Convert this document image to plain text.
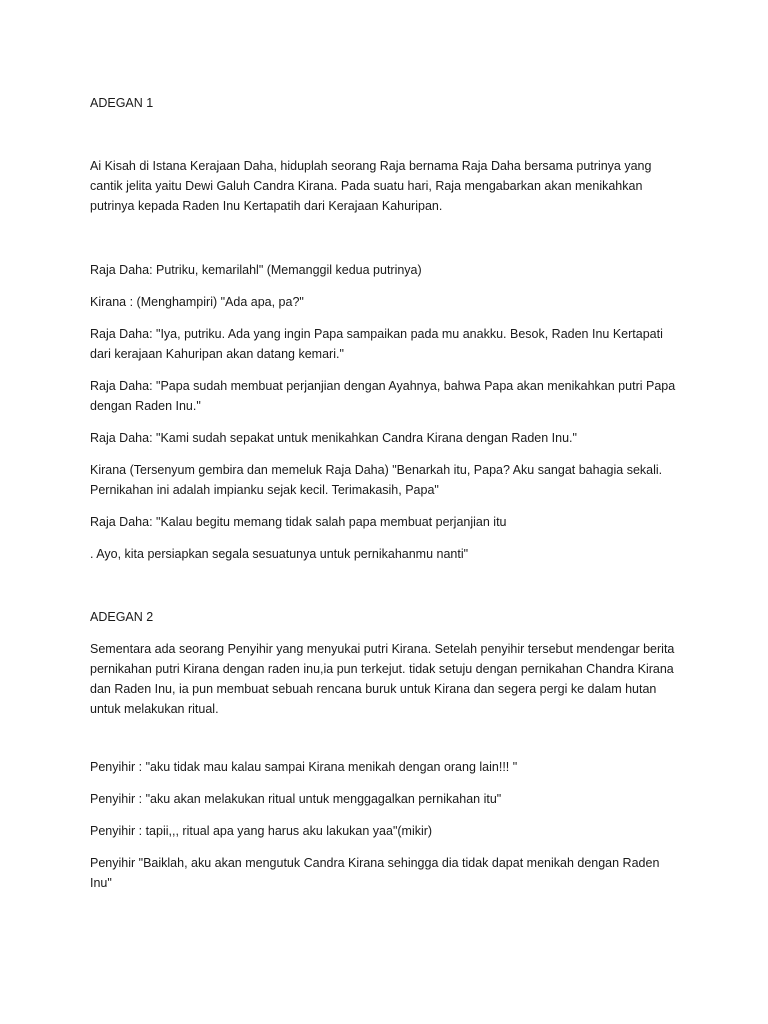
ADEGAN 1

Ai Kisah di Istana Kerajaan Daha, hiduplah seorang Raja bernama Raja Daha bersama putrinya yang cantik jelita yaitu Dewi Galuh Candra Kirana. Pada suatu hari, Raja mengabarkan akan menikahkan putrinya kepada Raden Inu Kertapatih dari Kerajaan Kahuripan.

Raja Daha: Putriku, kemarilahl" (Memanggil kedua putrinya)

Kirana : (Menghampiri) "Ada apa, pa?"

Raja Daha: "Iya, putriku. Ada yang ingin Papa sampaikan pada mu anakku. Besok, Raden Inu Kertapati dari kerajaan Kahuripan akan datang kemari."

Raja Daha: "Papa sudah membuat perjanjian dengan Ayahnya, bahwa Papa akan menikahkan putri Papa dengan Raden Inu."

Raja Daha: "Kami sudah sepakat untuk menikahkan Candra Kirana dengan Raden Inu."

Kirana (Tersenyum gembira dan memeluk Raja Daha) "Benarkah itu, Papa? Aku sangat bahagia sekali. Pernikahan ini adalah impianku sejak kecil. Terimakasih, Papa"

Raja Daha: "Kalau begitu memang tidak salah papa membuat perjanjian itu

. Ayo, kita persiapkan segala sesuatunya untuk pernikahanmu nanti"

ADEGAN 2

Sementara ada seorang Penyihir yang menyukai putri Kirana. Setelah penyihir tersebut mendengar berita pernikahan putri Kirana dengan raden inu,ia pun terkejut. tidak setuju dengan pernikahan Chandra Kirana dan Raden Inu, ia pun membuat sebuah rencana buruk untuk Kirana dan segera pergi ke dalam hutan untuk melakukan ritual.

Penyihir : "aku tidak mau kalau sampai Kirana menikah dengan orang lain!!! "

Penyihir : "aku akan melakukan ritual untuk menggagalkan pernikahan itu"

Penyihir : tapii,,, ritual apa yang harus aku lakukan yaa"(mikir)

Penyihir "Baiklah, aku akan mengutuk Candra Kirana sehingga dia tidak dapat menikah dengan Raden Inu"
